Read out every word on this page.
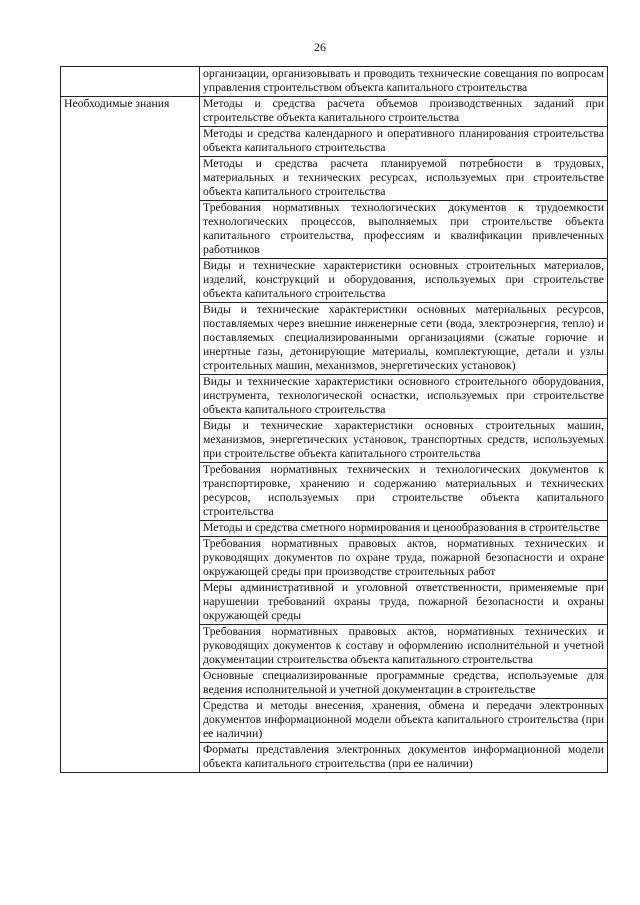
26
	организации, организовывать и проводить технические совещания по вопросам управления строительством объекта капитального строительства
Необходимые знания	Методы и средства расчета объемов производственных заданий при строительстве объекта капитального строительства
	Методы и средства календарного и оперативного планирования строительства объекта капитального строительства
	Методы и средства расчета планируемой потребности в трудовых, материальных и технических ресурсах, используемых при строительстве объекта капитального строительства
	Требования нормативных технологических документов к трудоемкости технологических процессов, выполняемых при строительстве объекта капитального строительства, профессиям и квалификации привлеченных работников
	Виды и технические характеристики основных строительных материалов, изделий, конструкций и оборудования, используемых при строительстве объекта капитального строительства
	Виды и технические характеристики основных материальных ресурсов, поставляемых через внешние инженерные сети (вода, электроэнергия, тепло) и поставляемых специализированными организациями (сжатые горючие и инертные газы, детонирующие материалы, комплектующие, детали и узлы строительных машин, механизмов, энергетических установок)
	Виды и технические характеристики основного строительного оборудования, инструмента, технологической оснастки, используемых при строительстве объекта капитального строительства
	Виды и технические характеристики основных строительных машин, механизмов, энергетических установок, транспортных средств, используемых при строительстве объекта капитального строительства
	Требования нормативных технических и технологических документов к транспортировке, хранению и содержанию материальных и технических ресурсов, используемых при строительстве объекта капитального строительства
	Методы и средства сметного нормирования и ценообразования в строительстве
	Требования нормативных правовых актов, нормативных технических и руководящих документов по охране труда, пожарной безопасности и охране окружающей среды при производстве строительных работ
	Меры административной и уголовной ответственности, применяемые при нарушении требований охраны труда, пожарной безопасности и охраны окружающей среды
	Требования нормативных правовых актов, нормативных технических и руководящих документов к составу и оформлению исполнительной и учетной документации строительства объекта капитального строительства
	Основные специализированные программные средства, используемые для ведения исполнительной и учетной документации в строительстве
	Средства и методы внесения, хранения, обмена и передачи электронных документов информационной модели объекта капитального строительства (при ее наличии)
	Форматы представления электронных документов информационной модели объекта капитального строительства (при ее наличии)
